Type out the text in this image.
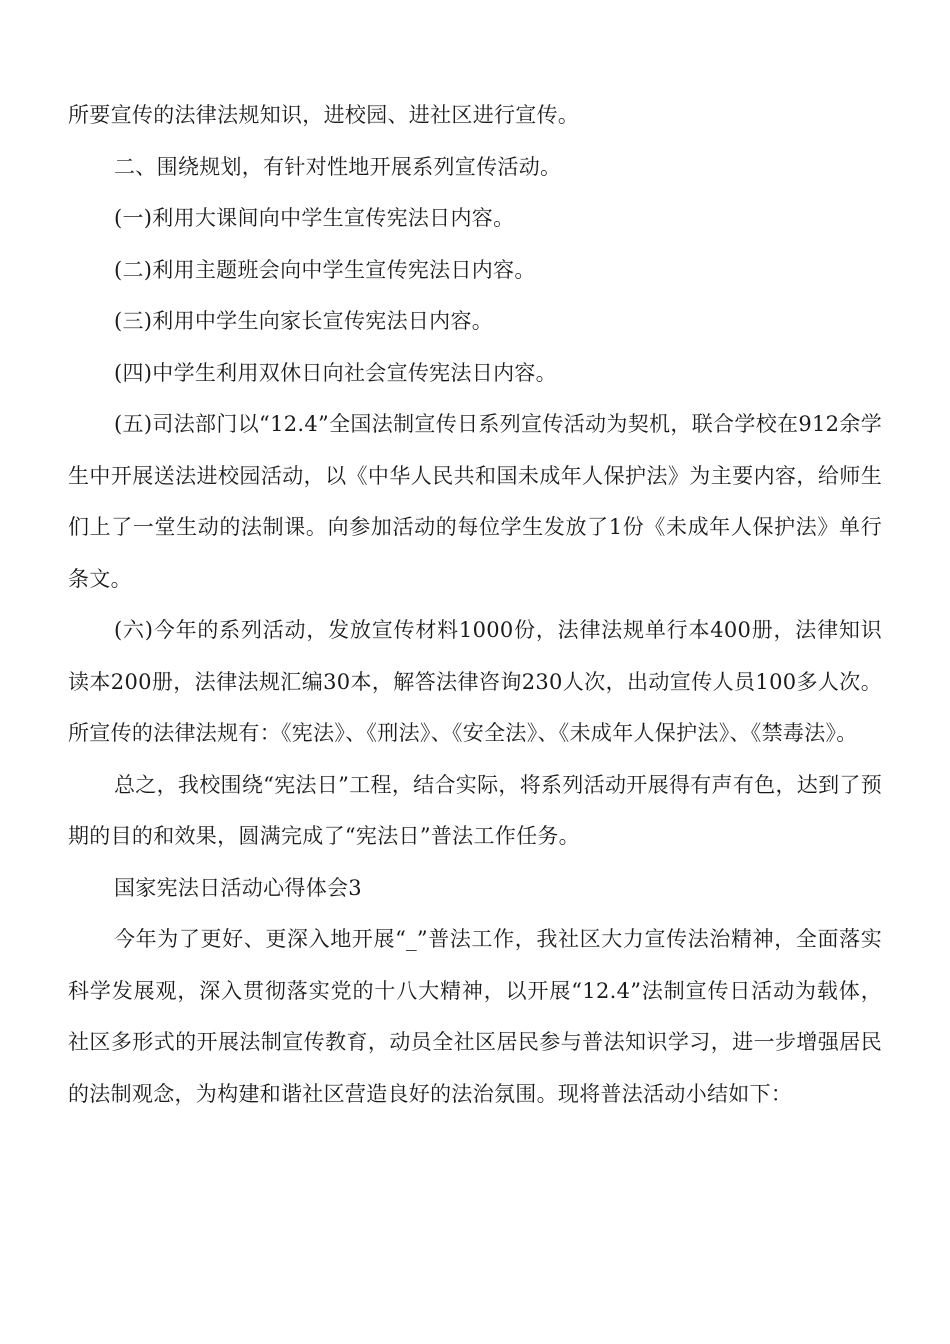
所要宣传的法律法规知识，进校园、进社区进行宣传。

二、围绕规划，有针对性地开展系列宣传活动。

(一)利用大课间向中学生宣传宪法日内容。

(二)利用主题班会向中学生宣传宪法日内容。

(三)利用中学生向家长宣传宪法日内容。

(四)中学生利用双休日向社会宣传宪法日内容。

(五)司法部门以“12.4”全国法制宣传日系列宣传活动为契机，联合学校在912余学生中开展送法进校园活动，以《中华人民共和国未成年人保护法》为主要内容，给师生们上了一堂生动的法制课。向参加活动的每位学生发放了1份《未成年人保护法》单行条文。

(六)今年的系列活动，发放宣传材料1000份，法律法规单行本400册，法律知识读本200册，法律法规汇编30本，解答法律咨询230人次，出动宣传人员100多人次。所宣传的法律法规有：《宪法》、《刑法》、《安全法》、《未成年人保护法》、《禁毒法》。

总之，我校围绕“宪法日”工程，结合实际，将系列活动开展得有声有色，达到了预期的目的和效果，圆满完成了“宪法日”普法工作任务。

国家宪法日活动心得体会3

今年为了更好、更深入地开展“_”普法工作，我社区大力宣传法治精神，全面落实科学发展观，深入贯彻落实党的十八大精神，以开展“12.4”法制宣传日活动为载体，社区多形式的开展法制宣传教育，动员全社区居民参与普法知识学习，进一步增强居民的法制观念，为构建和谐社区营造良好的法治氛围。现将普法活动小结如下：
